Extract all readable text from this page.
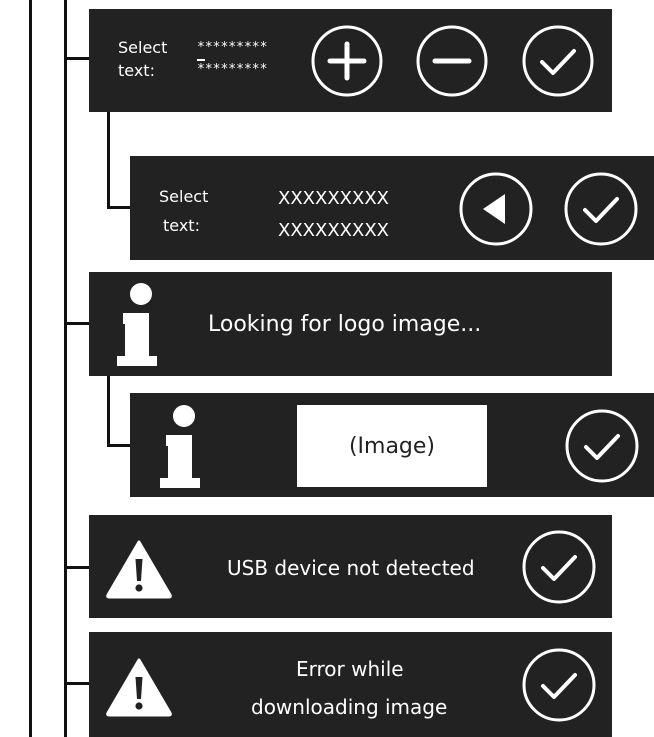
Select
text:
*********
*********
Select
text:
XXXXXXXXX
XXXXXXXXX
Looking for logo image...
(Image)
USB device not detected
Error while
downloading image
